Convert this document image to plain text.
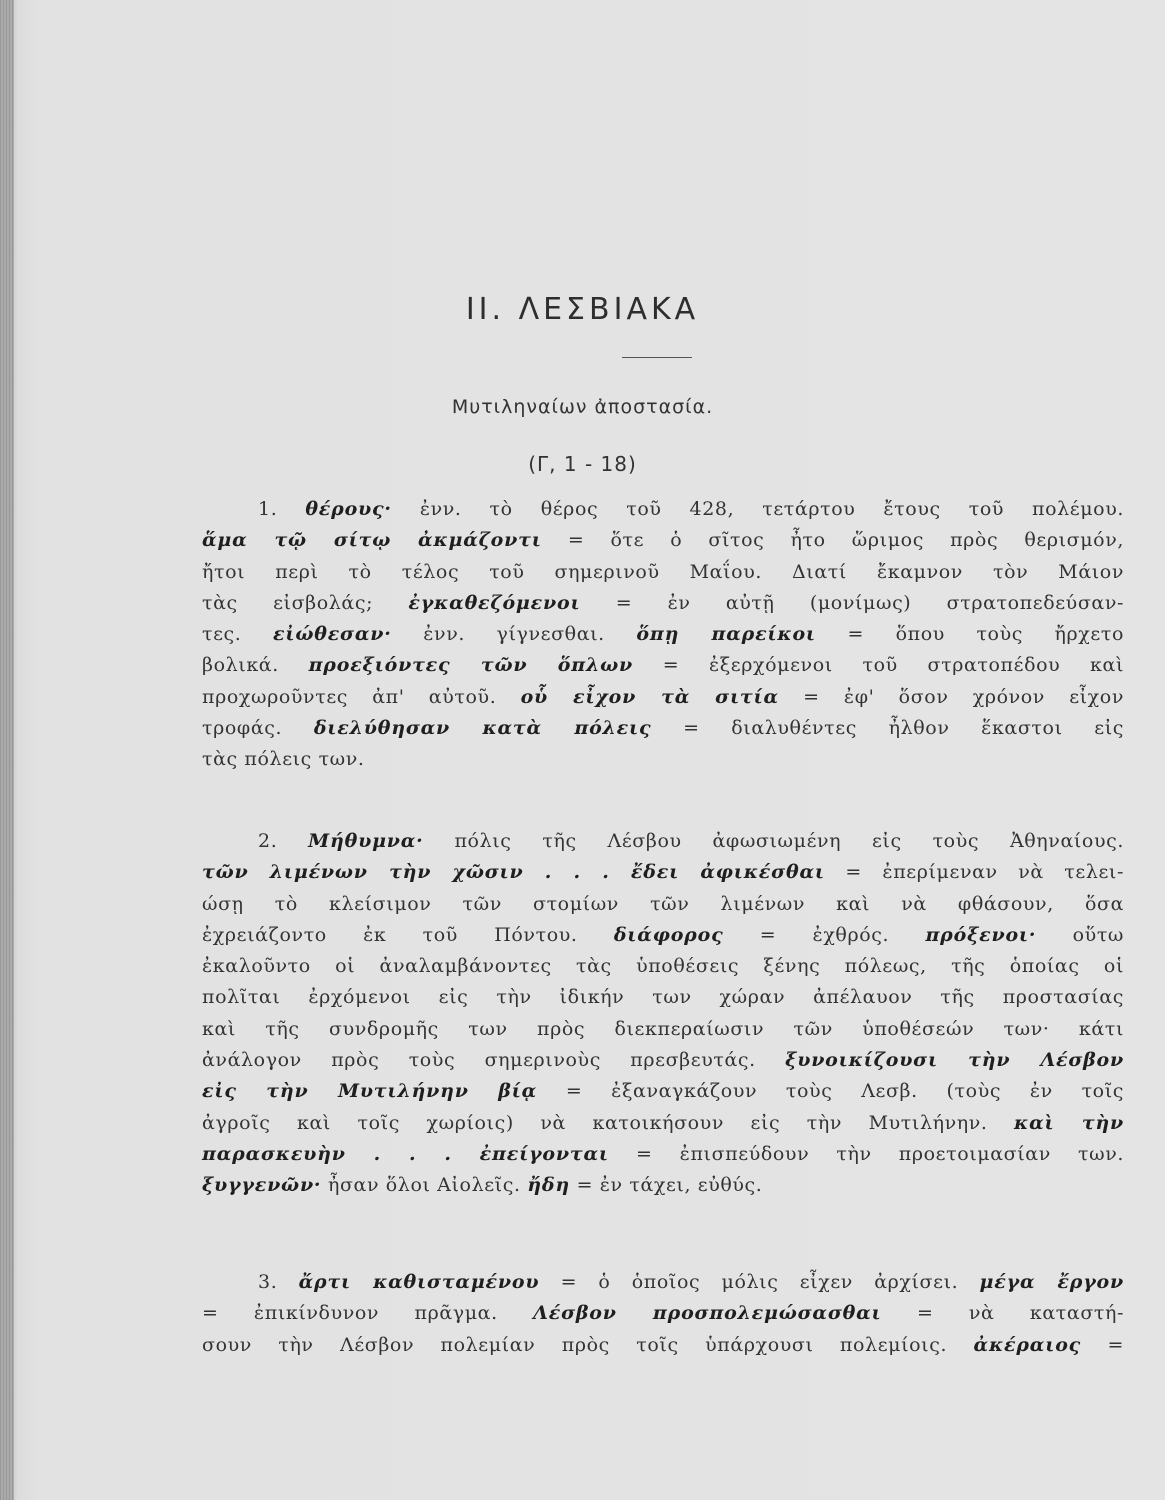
II. ΛΕΣΒΙΑΚΑ
Μυτιληναίων ἀποστασία.
(Γ, 1 - 18)
1. θέρους· ἐνν. τὸ θέρος τοῦ 428, τετάρτου ἔτους τοῦ πολέμου.
ἅμα τῷ σίτῳ ἀκμάζοντι = ὅτε ὁ σῖτος ἦτο ὥριμος πρὸς θερισμόν,
ἤτοι περὶ τὸ τέλος τοῦ σημερινοῦ Μαΐου. Διατί ἔκαμνον τὸν Μάιον
τὰς εἰσβολάς; ἐγκαθεζόμενοι = ἐν αὐτῇ (μονίμως) στρατοπεδεύσαν-
τες. εἰώθεσαν· ἐνν. γίγνεσθαι. ὅπῃ παρείκοι = ὅπου τοὺς ἤρχετο
βολικά. προεξιόντες τῶν ὅπλων = ἐξερχόμενοι τοῦ στρατοπέδου καὶ
προχωροῦντες ἀπ' αὐτοῦ. οὗ εἶχον τὰ σιτία = ἐφ' ὅσον χρόνον εἶχον
τροφάς. διελύθησαν κατὰ πόλεις = διαλυθέντες ἦλθον ἕκαστοι εἰς
τὰς πόλεις των.
2. Μήθυμνα· πόλις τῆς Λέσβου ἀφωσιωμένη εἰς τοὺς Ἀθηναίους.
τῶν λιμένων τὴν χῶσιν . . . ἔδει ἀφικέσθαι = ἐπερίμεναν νὰ τελει-
ώσῃ τὸ κλείσιμον τῶν στομίων τῶν λιμένων καὶ νὰ φθάσουν, ὅσα
ἐχρειάζοντο ἐκ τοῦ Πόντου. διάφορος = ἐχθρός. πρόξενοι· οὕτω
ἐκαλοῦντο οἱ ἀναλαμβάνοντες τὰς ὑποθέσεις ξένης πόλεως, τῆς ὁποίας οἱ
πολῖται ἐρχόμενοι εἰς τὴν ἰδικήν των χώραν ἀπέλαυον τῆς προστασίας
καὶ τῆς συνδρομῆς των πρὸς διεκπεραίωσιν τῶν ὑποθέσεών των· κάτι
ἀνάλογον πρὸς τοὺς σημερινοὺς πρεσβευτάς. ξυνοικίζουσι τὴν Λέσβον
εἰς τὴν Μυτιλήνην βίᾳ = ἐξαναγκάζουν τοὺς Λεσβ. (τοὺς ἐν τοῖς
ἀγροῖς καὶ τοῖς χωρίοις) νὰ κατοικήσουν εἰς τὴν Μυτιλήνην. καὶ τὴν
παρασκευὴν . . . ἐπείγονται = ἐπισπεύδουν τὴν προετοιμασίαν των.
ξυγγενῶν· ἦσαν ὅλοι Αἰολεῖς. ἤδη = ἐν τάχει, εὐθύς.
3. ἄρτι καθισταμένου = ὁ ὁποῖος μόλις εἶχεν ἀρχίσει. μέγα ἔργον
= ἐπικίνδυνον πρᾶγμα. Λέσβον προσπολεμώσασθαι = νὰ καταστή-
σουν τὴν Λέσβον πολεμίαν πρὸς τοῖς ὑπάρχουσι πολεμίοις. ἀκέραιος =
